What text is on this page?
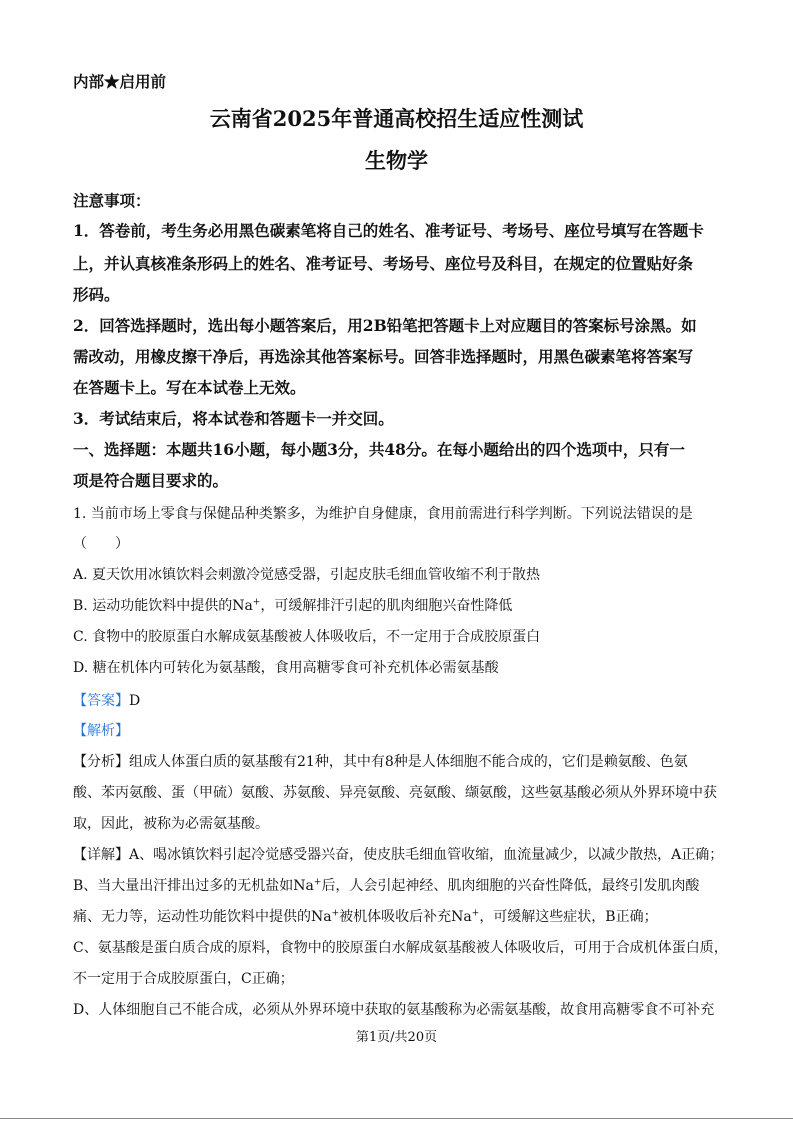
内部★启用前
云南省2025年普通高校招生适应性测试
生物学
注意事项：
1．答卷前，考生务必用黑色碳素笔将自己的姓名、准考证号、考场号、座位号填写在答题卡
上，并认真核准条形码上的姓名、准考证号、考场号、座位号及科目，在规定的位置贴好条
形码。
2．回答选择题时，选出每小题答案后，用2B铅笔把答题卡上对应题目的答案标号涂黑。如
需改动，用橡皮擦干净后，再选涂其他答案标号。回答非选择题时，用黑色碳素笔将答案写
在答题卡上。写在本试卷上无效。
3．考试结束后，将本试卷和答题卡一并交回。
一、选择题：本题共16小题，每小题3分，共48分。在每小题给出的四个选项中，只有一
项是符合题目要求的。
1. 当前市场上零食与保健品种类繁多，为维护自身健康，食用前需进行科学判断。下列说法错误的是
（　　）
A. 夏天饮用冰镇饮料会刺激冷觉感受器，引起皮肤毛细血管收缩不利于散热
B. 运动功能饮料中提供的Na+，可缓解排汗引起的肌肉细胞兴奋性降低
C. 食物中的胶原蛋白水解成氨基酸被人体吸收后，不一定用于合成胶原蛋白
D. 糖在机体内可转化为氨基酸，食用高糖零食可补充机体必需氨基酸
【答案】D
【解析】
【分析】组成人体蛋白质的氨基酸有21种，其中有8种是人体细胞不能合成的，它们是赖氨酸、色氨
酸、苯丙氨酸、蛋（甲硫）氨酸、苏氨酸、异亮氨酸、亮氨酸、缬氨酸，这些氨基酸必须从外界环境中获
取，因此，被称为必需氨基酸。
【详解】A、喝冰镇饮料引起冷觉感受器兴奋，使皮肤毛细血管收缩，血流量减少，以减少散热，A正确；
B、当大量出汗排出过多的无机盐如Na+后，人会引起神经、肌肉细胞的兴奋性降低，最终引发肌肉酸
痛、无力等，运动性功能饮料中提供的Na+被机体吸收后补充Na+，可缓解这些症状，B正确；
C、氨基酸是蛋白质合成的原料，食物中的胶原蛋白水解成氨基酸被人体吸收后，可用于合成机体蛋白质，
不一定用于合成胶原蛋白，C正确；
D、人体细胞自己不能合成，必须从外界环境中获取的氨基酸称为必需氨基酸，故食用高糖零食不可补充
第1页/共20页
